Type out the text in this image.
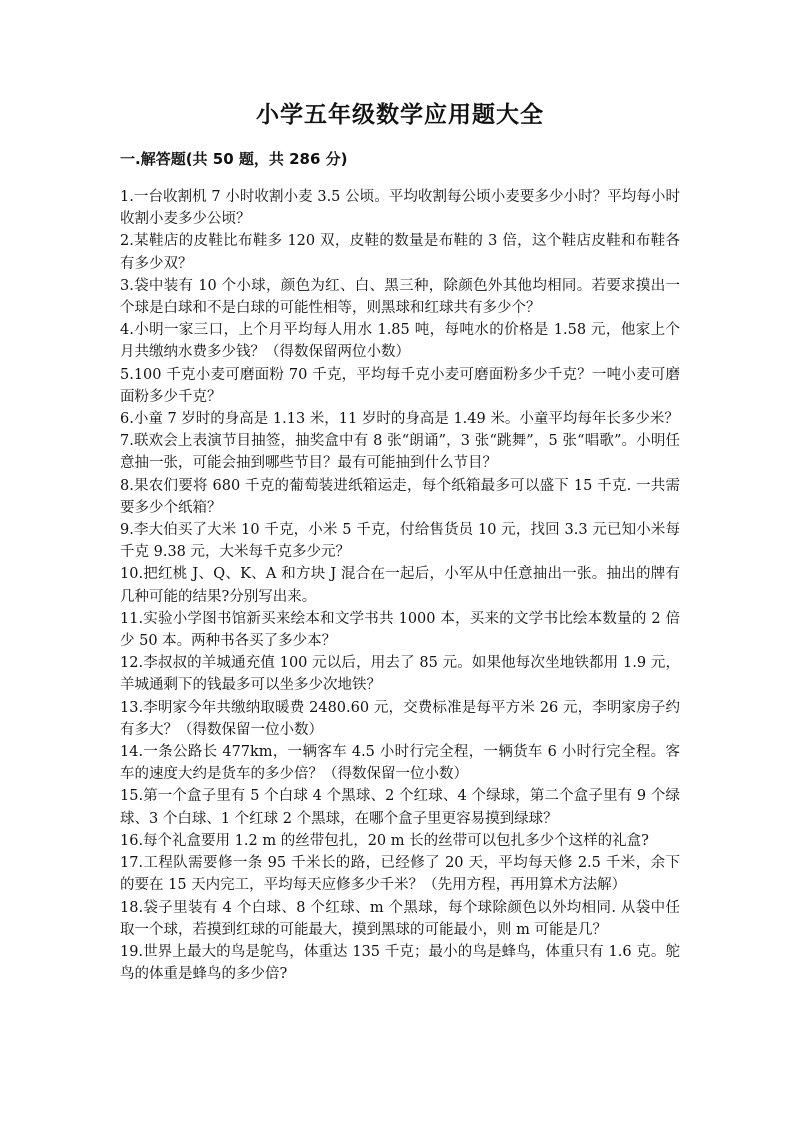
小学五年级数学应用题大全
一.解答题(共 50 题，共 286 分)

1.一台收割机 7 小时收割小麦 3.5 公顷。平均收割每公顷小麦要多少小时？平均每小时收割小麦多少公顷？

2.某鞋店的皮鞋比布鞋多 120 双，皮鞋的数量是布鞋的 3 倍，这个鞋店皮鞋和布鞋各有多少双？

3.袋中装有 10 个小球，颜色为红、白、黑三种，除颜色外其他均相同。若要求摸出一个球是白球和不是白球的可能性相等，则黑球和红球共有多少个？

4.小明一家三口，上个月平均每人用水 1.85 吨，每吨水的价格是 1.58 元，他家上个月共缴纳水费多少钱？（得数保留两位小数）

5.100 千克小麦可磨面粉 70 千克，平均每千克小麦可磨面粉多少千克？一吨小麦可磨面粉多少千克？

6.小童 7 岁时的身高是 1.13 米，11 岁时的身高是 1.49 米。小童平均每年长多少米？

7.联欢会上表演节目抽签，抽奖盒中有 8 张“朗诵”，3 张“跳舞”，5 张“唱歌”。小明任意抽一张，可能会抽到哪些节目？最有可能抽到什么节目？

8.果农们要将 680 千克的葡萄装进纸箱运走，每个纸箱最多可以盛下 15 千克. 一共需要多少个纸箱？

9.李大伯买了大米 10 千克，小米 5 千克，付给售货员 10 元，找回 3.3 元已知小米每千克 9.38 元，大米每千克多少元？

10.把红桃 J、Q、K、A 和方块 J 混合在一起后，小军从中任意抽出一张。抽出的牌有几种可能的结果?分别写出来。

11.实验小学图书馆新买来绘本和文学书共 1000 本，买来的文学书比绘本数量的 2 倍少 50 本。两种书各买了多少本？

12.李叔叔的羊城通充值 100 元以后，用去了 85 元。如果他每次坐地铁都用 1.9 元，羊城通剩下的钱最多可以坐多少次地铁？

13.李明家今年共缴纳取暖费 2480.60 元，交费标准是每平方米 26 元，李明家房子约有多大？（得数保留一位小数）

14.一条公路长 477km，一辆客车 4.5 小时行完全程，一辆货车 6 小时行完全程。客车的速度大约是货车的多少倍？（得数保留一位小数）

15.第一个盒子里有 5 个白球 4 个黑球、2 个红球、4 个绿球，第二个盒子里有 9 个绿球、3 个白球、1 个红球 2 个黑球，在哪个盒子里更容易摸到绿球？

16.每个礼盒要用 1.2 m 的丝带包扎，20 m 长的丝带可以包扎多少个这样的礼盒?

17.工程队需要修一条 95 千米长的路，已经修了 20 天，平均每天修 2.5 千米，余下的要在 15 天内完工，平均每天应修多少千米？（先用方程，再用算术方法解）

18.袋子里装有 4 个白球、8 个红球、m 个黑球，每个球除颜色以外均相同. 从袋中任取一个球，若摸到红球的可能最大，摸到黑球的可能最小，则 m 可能是几？

19.世界上最大的鸟是鸵鸟，体重达 135 千克；最小的鸟是蜂鸟，体重只有 1.6 克。鸵鸟的体重是蜂鸟的多少倍?
